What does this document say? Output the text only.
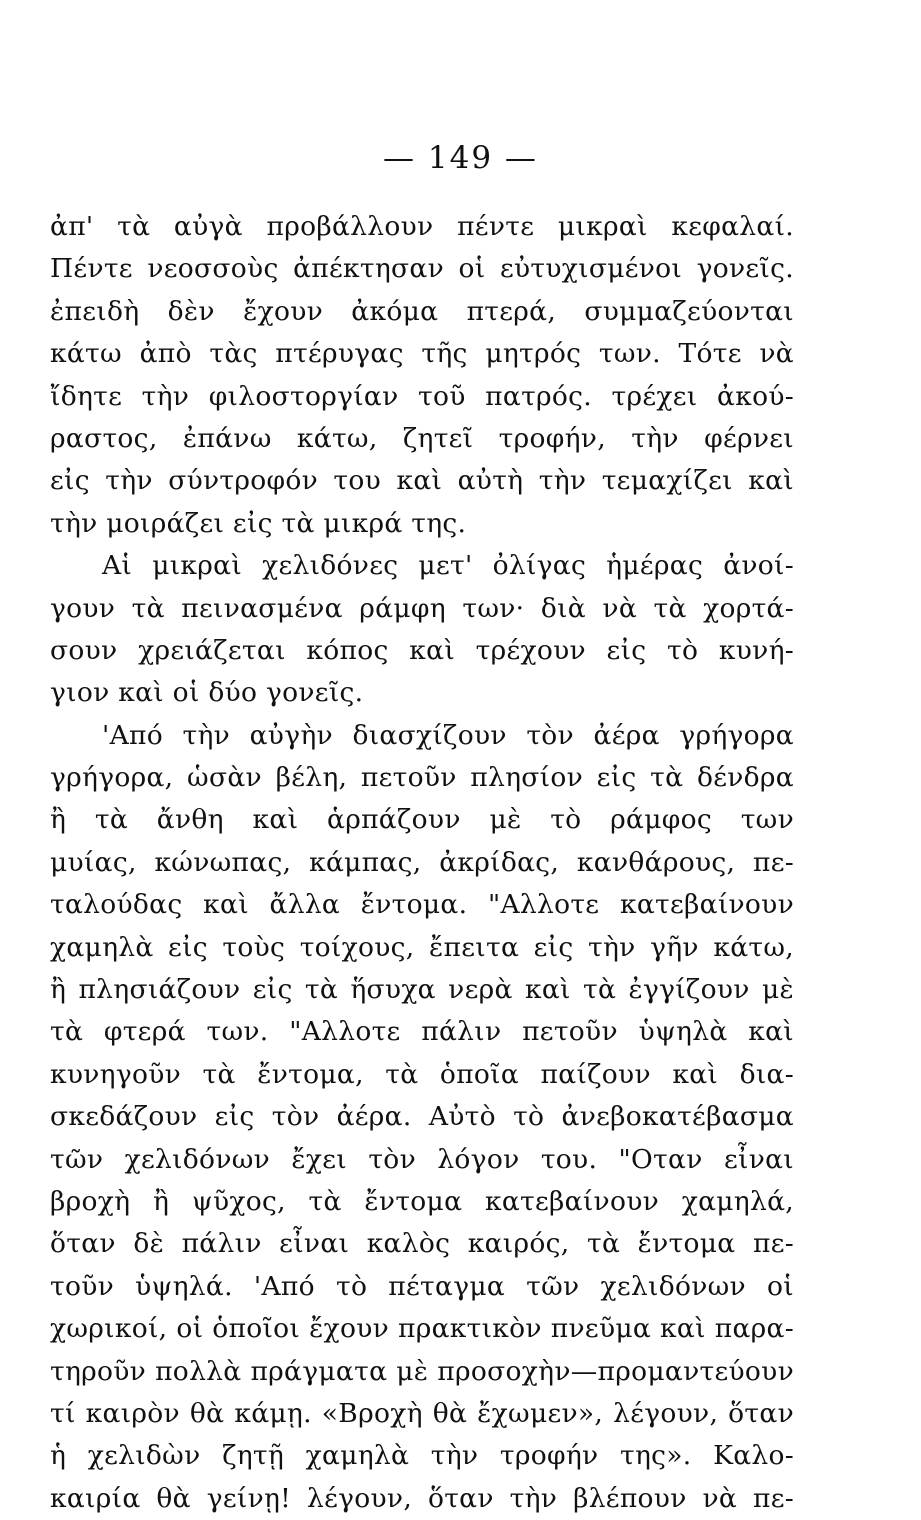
— 149 —

ἀπ' τὰ αὐγὰ προβάλλουν πέντε μικραὶ κεφαλαί.
Πέντε νεοσσοὺς ἀπέκτησαν οἱ εὐτυχισμένοι γονεῖς.
ἐπειδὴ δὲν ἔχουν ἀκόμα πτερά, συμμαζεύονται
κάτω ἀπὸ τὰς πτέρυγας τῆς μητρός των. Τότε νὰ
ἴδητε τὴν φιλοστοργίαν τοῦ πατρός. τρέχει ἀκού-
ραστος, ἐπάνω κάτω, ζητεῖ τροφήν, τὴν φέρνει
εἰς τὴν σύντροφόν του καὶ αὐτὴ τὴν τεμαχίζει καὶ
τὴν μοιράζει εἰς τὰ μικρά της.
Αἱ μικραὶ χελιδόνες μετ' ὀλίγας ἡμέρας ἀνοί-
γουν τὰ πεινασμένα ράμφη των· διὰ νὰ τὰ χορτά-
σουν χρειάζεται κόπος καὶ τρέχουν εἰς τὸ κυνή-
γιον καὶ οἱ δύο γονεῖς.
'Από τὴν αὐγὴν διασχίζουν τὸν ἀέρα γρήγορα
γρήγορα, ὡσὰν βέλη, πετοῦν πλησίον εἰς τὰ δένδρα
ἢ τὰ ἄνθη καὶ ἁρπάζουν μὲ τὸ ράμφος των
μυίας, κώνωπας, κάμπας, ἀκρίδας, κανθάρους, πε-
ταλούδας καὶ ἄλλα ἔντομα. "Αλλοτε κατεβαίνουν
χαμηλὰ εἰς τοὺς τοίχους, ἔπειτα εἰς τὴν γῆν κάτω,
ἢ πλησιάζουν εἰς τὰ ἥσυχα νερὰ καὶ τὰ ἐγγίζουν μὲ
τὰ φτερά των. "Αλλοτε πάλιν πετοῦν ὑψηλὰ καὶ
κυνηγοῦν τὰ ἔντομα, τὰ ὁποῖα παίζουν καὶ δια-
σκεδάζουν εἰς τὸν ἀέρα. Αὐτὸ τὸ ἀνεβοκατέβασμα
τῶν χελιδόνων ἔχει τὸν λόγον του. "Οταν εἶναι
βροχὴ ἢ ψῦχος, τὰ ἔντομα κατεβαίνουν χαμηλά,
ὅταν δὲ πάλιν εἶναι καλὸς καιρός, τὰ ἔντομα πε-
τοῦν ὑψηλά. 'Από τὸ πέταγμα τῶν χελιδόνων οἱ
χωρικοί, οἱ ὁποῖοι ἔχουν πρακτικὸν πνεῦμα καὶ παρα-
τηροῦν πολλὰ πράγματα μὲ προσοχὴν—προμαντεύουν
τί καιρὸν θὰ κάμῃ. «Βροχὴ θὰ ἔχωμεν», λέγουν, ὅταν
ἡ χελιδὼν ζητῇ χαμηλὰ τὴν τροφήν της». Καλο-
καιρία θὰ γείνῃ! λέγουν, ὅταν τὴν βλέπουν νὰ πε-
